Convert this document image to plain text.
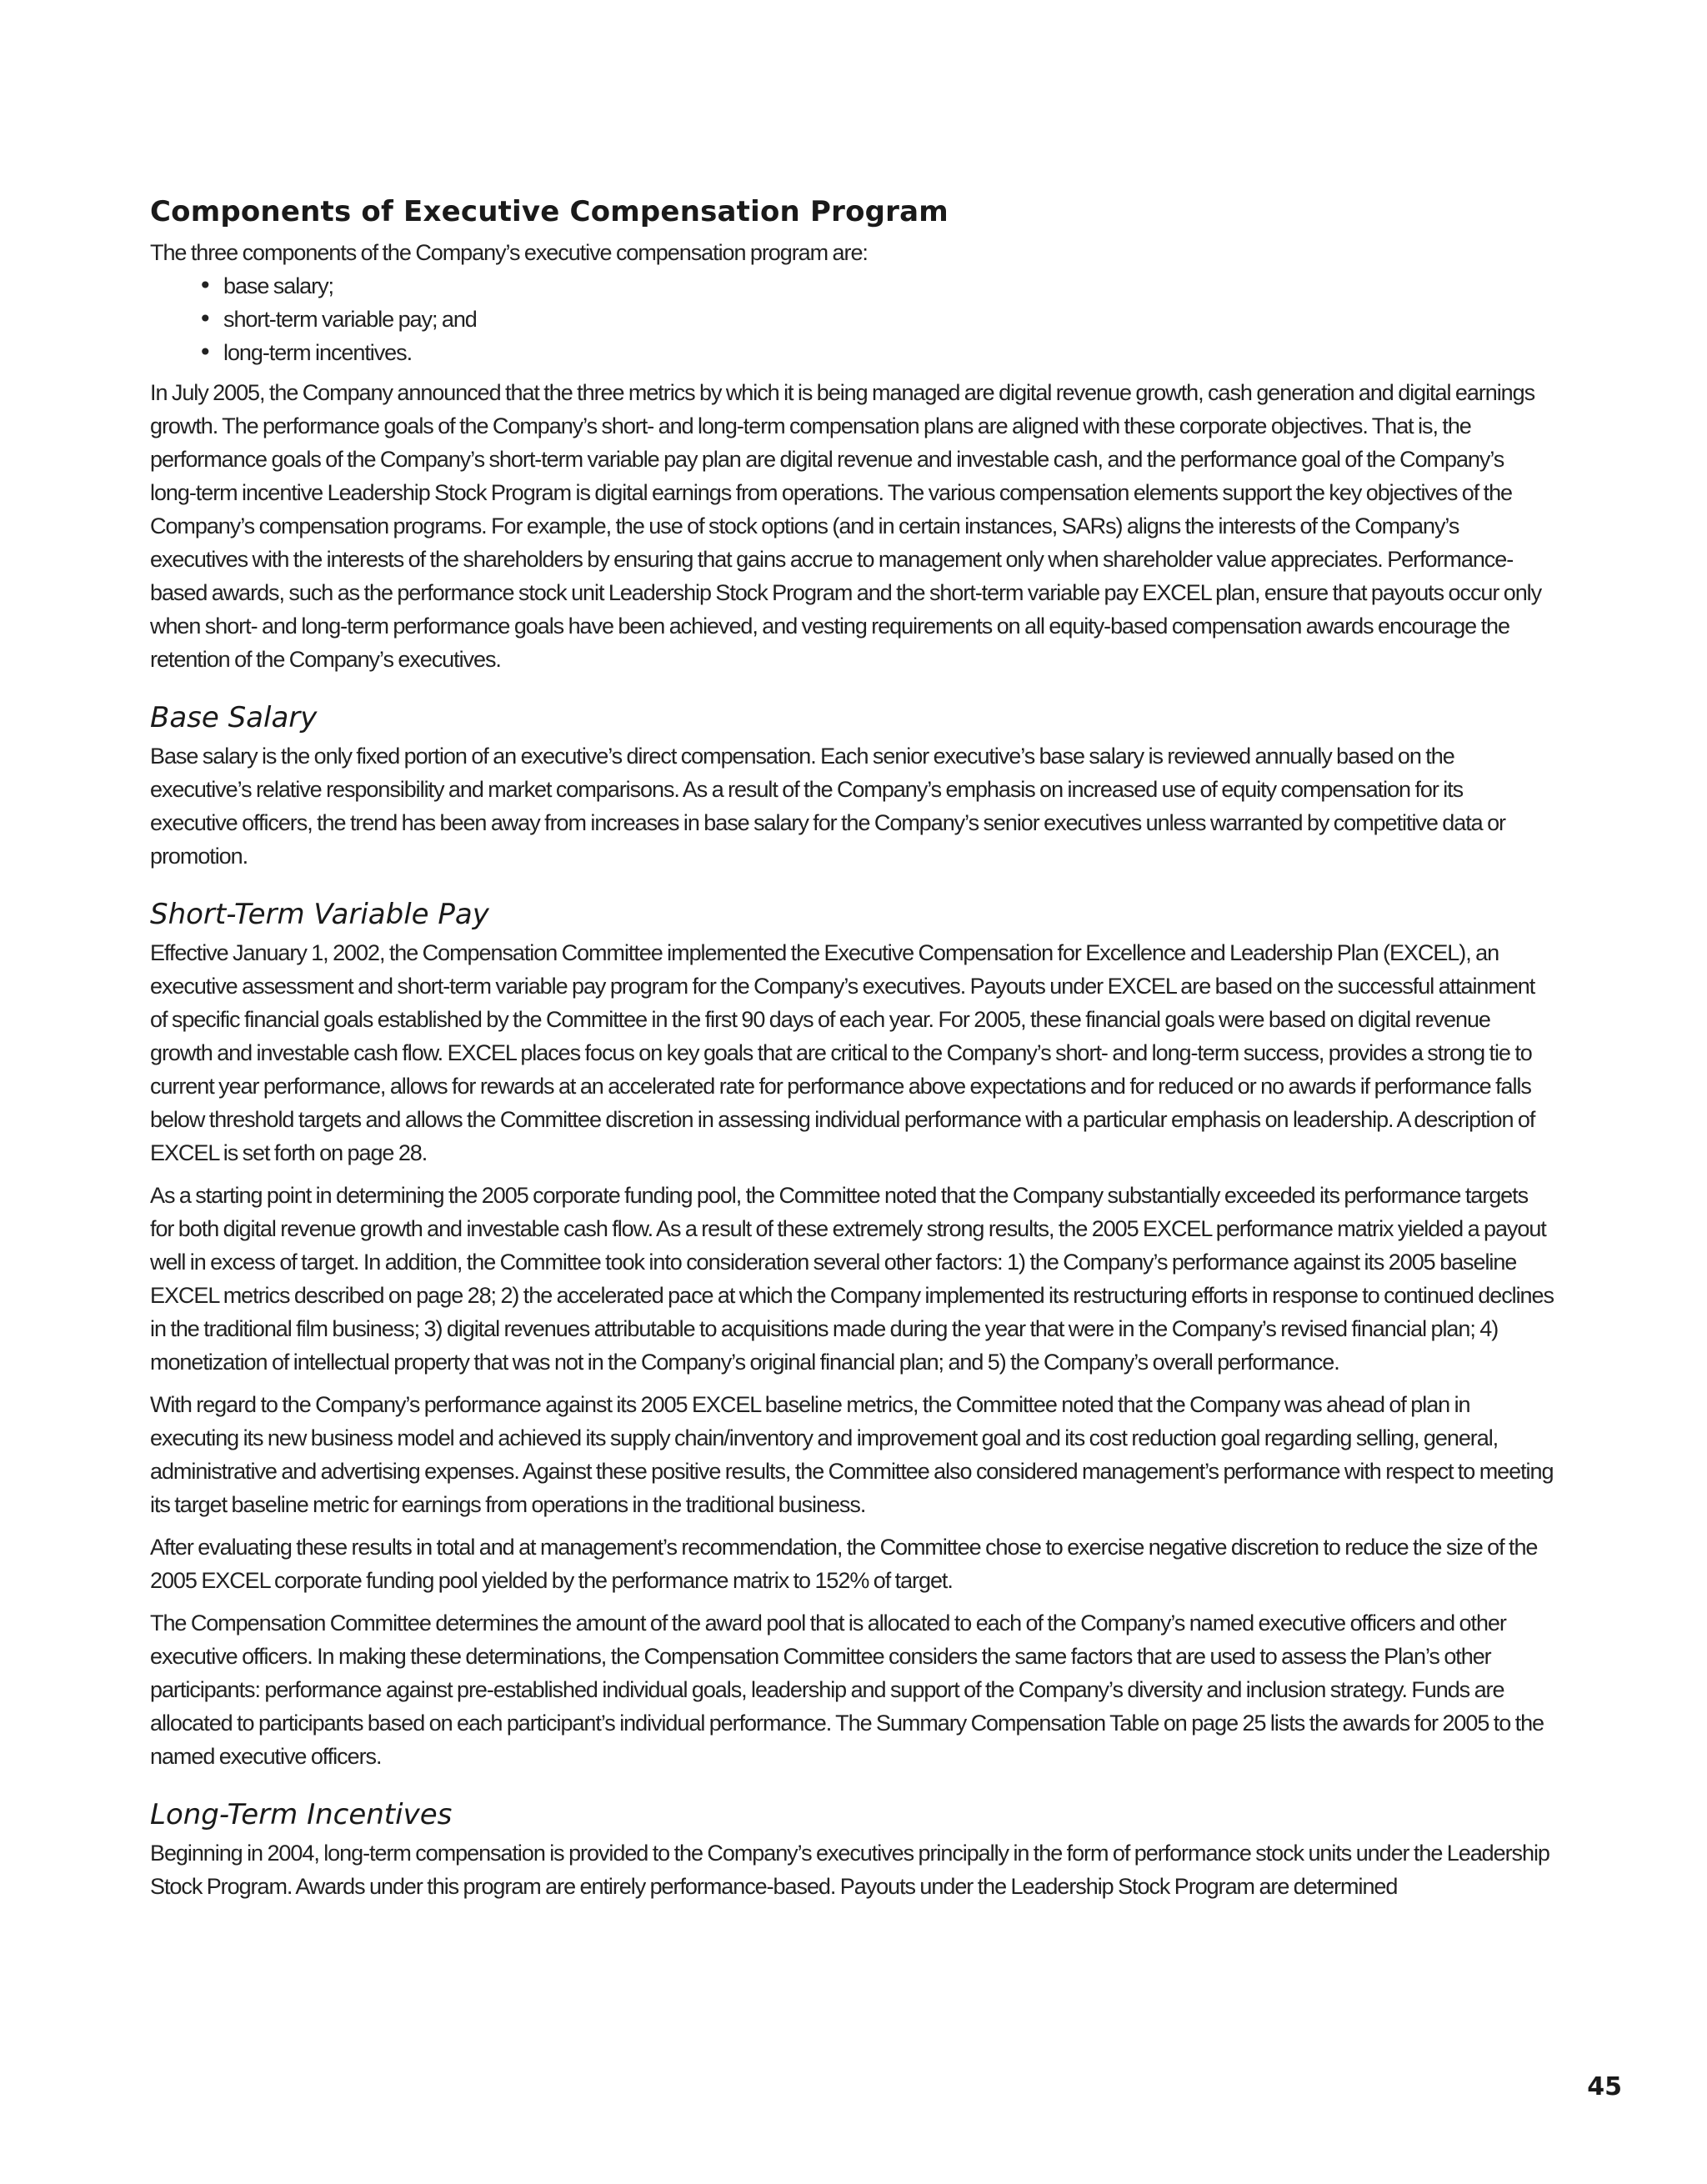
Components of Executive Compensation Program

The three components of the Company’s executive compensation program are:

• base salary;
• short-term variable pay; and
• long-term incentives.

In July 2005, the Company announced that the three metrics by which it is being managed are digital revenue growth, cash generation and digital earnings growth. The performance goals of the Company’s short- and long-term compensation plans are aligned with these corporate objectives. That is, the performance goals of the Company’s short-term variable pay plan are digital revenue and investable cash, and the performance goal of the Company’s long-term incentive Leadership Stock Program is digital earnings from operations. The various compensation elements support the key objectives of the Company’s compensation programs. For example, the use of stock options (and in certain instances, SARs) aligns the interests of the Company’s executives with the interests of the shareholders by ensuring that gains accrue to management only when shareholder value appreciates. Performance-based awards, such as the performance stock unit Leadership Stock Program and the short-term variable pay EXCEL plan, ensure that payouts occur only when short- and long-term performance goals have been achieved, and vesting requirements on all equity-based compensation awards encourage the retention of the Company’s executives.

Base Salary

Base salary is the only fixed portion of an executive’s direct compensation. Each senior executive’s base salary is reviewed annually based on the executive’s relative responsibility and market comparisons. As a result of the Company’s emphasis on increased use of equity compensation for its executive officers, the trend has been away from increases in base salary for the Company’s senior executives unless warranted by competitive data or promotion.

Short-Term Variable Pay

Effective January 1, 2002, the Compensation Committee implemented the Executive Compensation for Excellence and Leadership Plan (EXCEL), an executive assessment and short-term variable pay program for the Company’s executives. Payouts under EXCEL are based on the successful attainment of specific financial goals established by the Committee in the first 90 days of each year. For 2005, these financial goals were based on digital revenue growth and investable cash flow. EXCEL places focus on key goals that are critical to the Company’s short- and long-term success, provides a strong tie to current year performance, allows for rewards at an accelerated rate for performance above expectations and for reduced or no awards if performance falls below threshold targets and allows the Committee discretion in assessing individual performance with a particular emphasis on leadership. A description of EXCEL is set forth on page 28.

As a starting point in determining the 2005 corporate funding pool, the Committee noted that the Company substantially exceeded its performance targets for both digital revenue growth and investable cash flow. As a result of these extremely strong results, the 2005 EXCEL performance matrix yielded a payout well in excess of target. In addition, the Committee took into consideration several other factors: 1) the Company’s performance against its 2005 baseline EXCEL metrics described on page 28; 2) the accelerated pace at which the Company implemented its restructuring efforts in response to continued declines in the traditional film business; 3) digital revenues attributable to acquisitions made during the year that were in the Company’s revised financial plan; 4) monetization of intellectual property that was not in the Company’s original financial plan; and 5) the Company’s overall performance.

With regard to the Company’s performance against its 2005 EXCEL baseline metrics, the Committee noted that the Company was ahead of plan in executing its new business model and achieved its supply chain/inventory and improvement goal and its cost reduction goal regarding selling, general, administrative and advertising expenses. Against these positive results, the Committee also considered management’s performance with respect to meeting its target baseline metric for earnings from operations in the traditional business.

After evaluating these results in total and at management’s recommendation, the Committee chose to exercise negative discretion to reduce the size of the 2005 EXCEL corporate funding pool yielded by the performance matrix to 152% of target.

The Compensation Committee determines the amount of the award pool that is allocated to each of the Company’s named executive officers and other executive officers. In making these determinations, the Compensation Committee considers the same factors that are used to assess the Plan’s other participants: performance against pre-established individual goals, leadership and support of the Company’s diversity and inclusion strategy. Funds are allocated to participants based on each participant’s individual performance. The Summary Compensation Table on page 25 lists the awards for 2005 to the named executive officers.

Long-Term Incentives

Beginning in 2004, long-term compensation is provided to the Company’s executives principally in the form of performance stock units under the Leadership Stock Program. Awards under this program are entirely performance-based. Payouts under the Leadership Stock Program are determined

45
